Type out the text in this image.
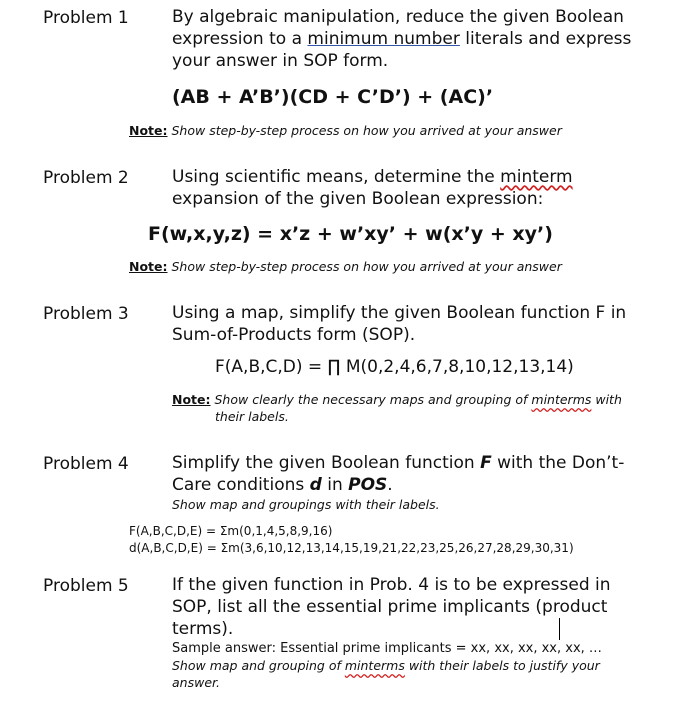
Problem 1	By algebraic manipulation, reduce the given Boolean
expression to a minimum number literals and express
your answer in SOP form.
(AB + A’B’)(CD + C’D’) + (AC)’
Note: Show step-by-step process on how you arrived at your answer
Problem 2	Using scientific means, determine the minterm
expansion of the given Boolean expression:
F(w,x,y,z) = x’z + w’xy’ + w(x’y + xy’)
Note: Show step-by-step process on how you arrived at your answer
Problem 3	Using a map, simplify the given Boolean function F in
Sum-of-Products form (SOP).
F(A,B,C,D) = ∏ M(0,2,4,6,7,8,10,12,13,14)
Note: Show clearly the necessary maps and grouping of minterms with
their labels.
Problem 4	Simplify the given Boolean function F with the Don’t-
Care conditions d in POS.
Show map and groupings with their labels.
F(A,B,C,D,E) = Σm(0,1,4,5,8,9,16)
d(A,B,C,D,E) = Σm(3,6,10,12,13,14,15,19,21,22,23,25,26,27,28,29,30,31)
Problem 5	If the given function in Prob. 4 is to be expressed in
SOP, list all the essential prime implicants (product
terms).
Sample answer: Essential prime implicants = xx, xx, xx, xx, xx, …
Show map and grouping of minterms with their labels to justify your
answer.
